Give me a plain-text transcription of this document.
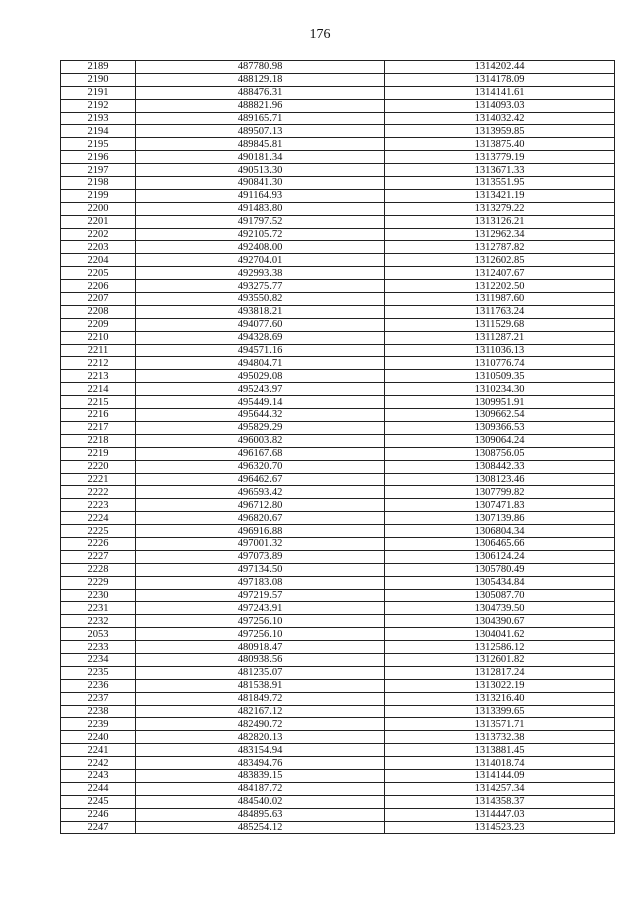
176
2189	487780.98	1314202.44
2190	488129.18	1314178.09
2191	488476.31	1314141.61
2192	488821.96	1314093.03
2193	489165.71	1314032.42
2194	489507.13	1313959.85
2195	489845.81	1313875.40
2196	490181.34	1313779.19
2197	490513.30	1313671.33
2198	490841.30	1313551.95
2199	491164.93	1313421.19
2200	491483.80	1313279.22
2201	491797.52	1313126.21
2202	492105.72	1312962.34
2203	492408.00	1312787.82
2204	492704.01	1312602.85
2205	492993.38	1312407.67
2206	493275.77	1312202.50
2207	493550.82	1311987.60
2208	493818.21	1311763.24
2209	494077.60	1311529.68
2210	494328.69	1311287.21
2211	494571.16	1311036.13
2212	494804.71	1310776.74
2213	495029.08	1310509.35
2214	495243.97	1310234.30
2215	495449.14	1309951.91
2216	495644.32	1309662.54
2217	495829.29	1309366.53
2218	496003.82	1309064.24
2219	496167.68	1308756.05
2220	496320.70	1308442.33
2221	496462.67	1308123.46
2222	496593.42	1307799.82
2223	496712.80	1307471.83
2224	496820.67	1307139.86
2225	496916.88	1306804.34
2226	497001.32	1306465.66
2227	497073.89	1306124.24
2228	497134.50	1305780.49
2229	497183.08	1305434.84
2230	497219.57	1305087.70
2231	497243.91	1304739.50
2232	497256.10	1304390.67
2053	497256.10	1304041.62
2233	480918.47	1312586.12
2234	480938.56	1312601.82
2235	481235.07	1312817.24
2236	481538.91	1313022.19
2237	481849.72	1313216.40
2238	482167.12	1313399.65
2239	482490.72	1313571.71
2240	482820.13	1313732.38
2241	483154.94	1313881.45
2242	483494.76	1314018.74
2243	483839.15	1314144.09
2244	484187.72	1314257.34
2245	484540.02	1314358.37
2246	484895.63	1314447.03
2247	485254.12	1314523.23
